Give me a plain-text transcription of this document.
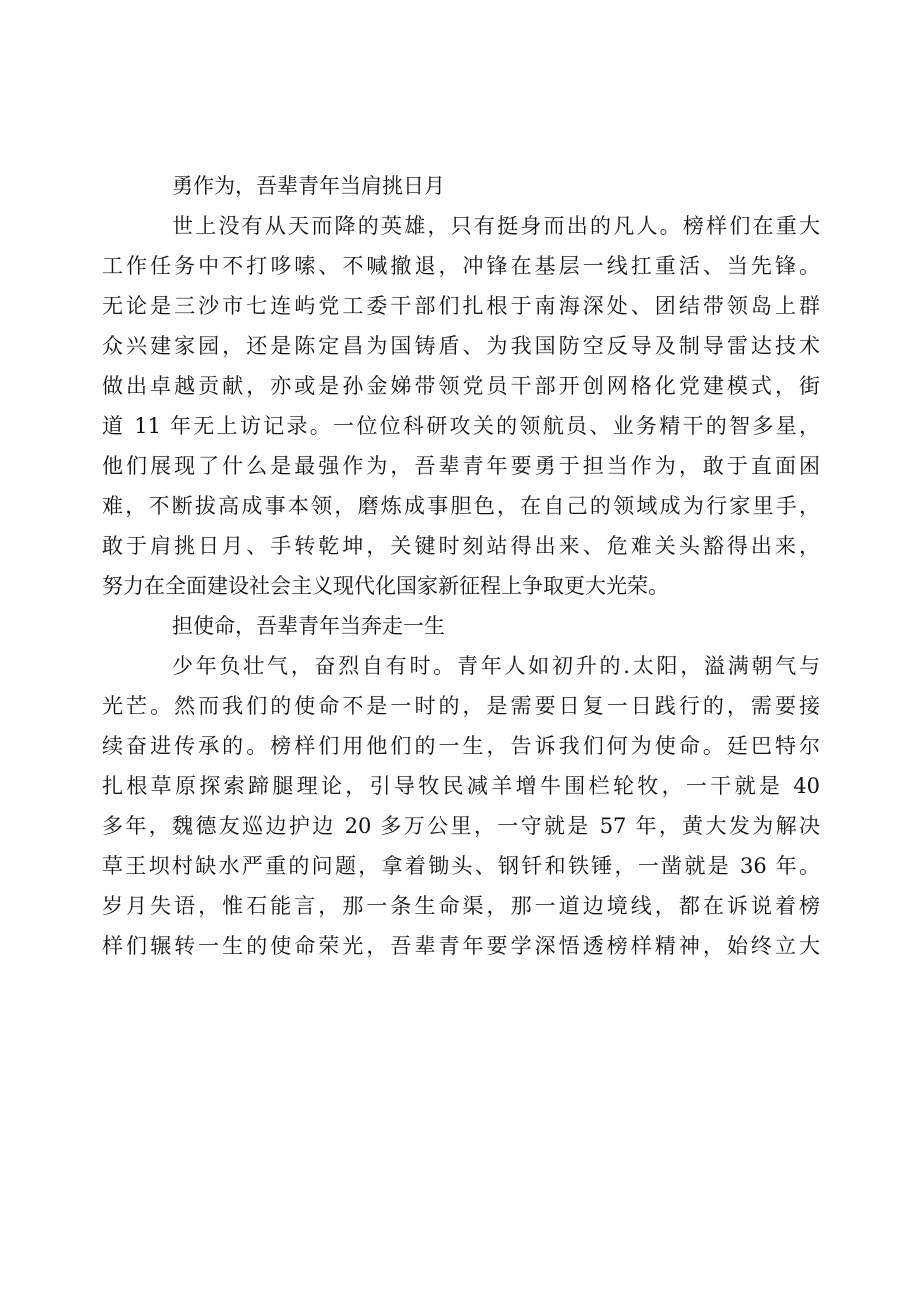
勇作为，吾辈青年当肩挑日月

世上没有从天而降的英雄，只有挺身而出的凡人。榜样们在重大
工作任务中不打哆嗦、不喊撤退，冲锋在基层一线扛重活、当先锋。
无论是三沙市七连屿党工委干部们扎根于南海深处、团结带领岛上群
众兴建家园，还是陈定昌为国铸盾、为我国防空反导及制导雷达技术
做出卓越贡献，亦或是孙金娣带领党员干部开创网格化党建模式，街
道 11 年无上访记录。一位位科研攻关的领航员、业务精干的智多星，
他们展现了什么是最强作为，吾辈青年要勇于担当作为，敢于直面困
难，不断拔高成事本领，磨炼成事胆色，在自己的领域成为行家里手，
敢于肩挑日月、手转乾坤，关键时刻站得出来、危难关头豁得出来，
努力在全面建设社会主义现代化国家新征程上争取更大光荣。

担使命，吾辈青年当奔走一生

少年负壮气，奋烈自有时。青年人如初升的.太阳，溢满朝气与
光芒。然而我们的使命不是一时的，是需要日复一日践行的，需要接
续奋进传承的。榜样们用他们的一生，告诉我们何为使命。廷巴特尔
扎根草原探索蹄腿理论，引导牧民减羊增牛围栏轮牧，一干就是 40
多年，魏德友巡边护边 20 多万公里，一守就是 57 年，黄大发为解决
草王坝村缺水严重的问题，拿着锄头、钢钎和铁锤，一凿就是 36 年。
岁月失语，惟石能言，那一条生命渠，那一道边境线，都在诉说着榜
样们辗转一生的使命荣光，吾辈青年要学深悟透榜样精神，始终立大
